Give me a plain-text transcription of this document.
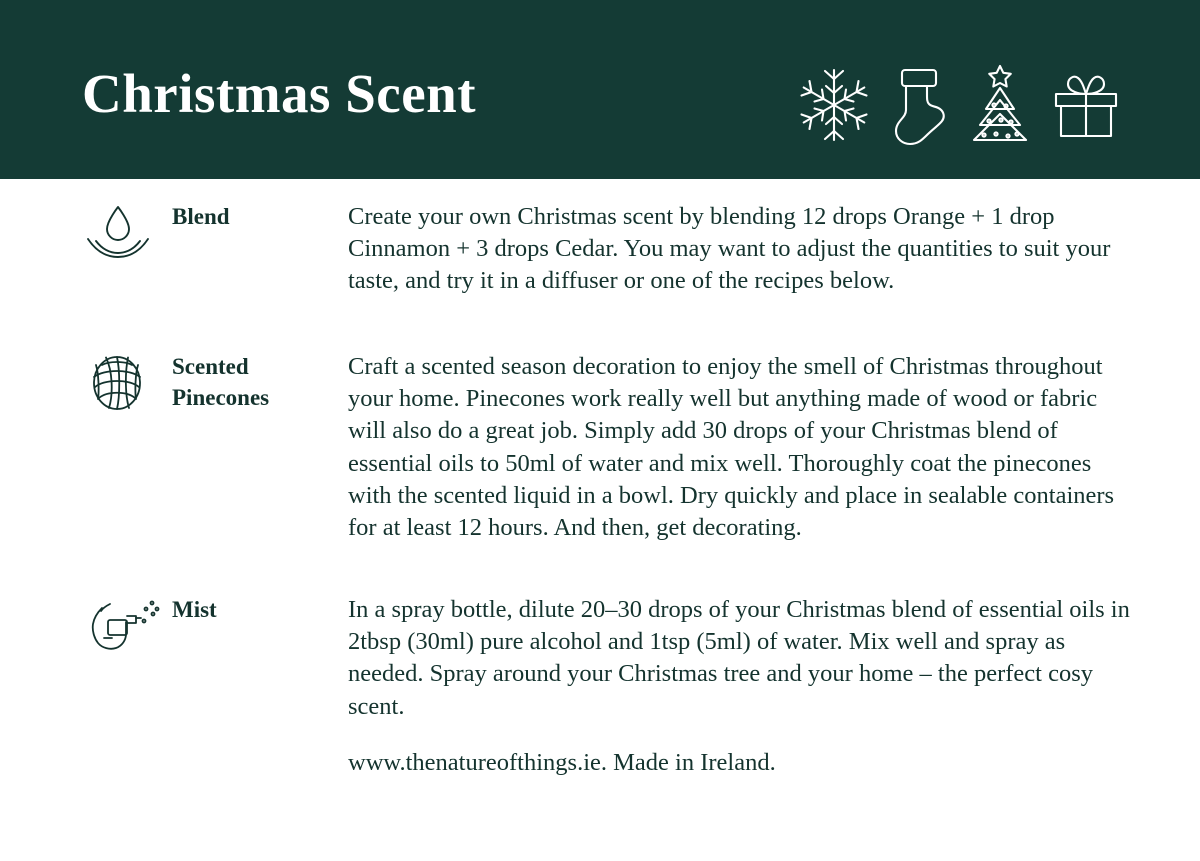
Christmas Scent
Blend	Create your own Christmas scent by blending 12 drops Orange + 1 drop Cinnamon + 3 drops Cedar. You may want to adjust the quantities to suit your taste, and try it in a diffuser or one of the recipes below.
Scented Pinecones
Craft a scented season decoration to enjoy the smell of Christmas throughout your home. Pinecones work really well but anything made of wood or fabric will also do a great job. Simply add 30 drops of your Christmas blend of essential oils to 50ml of water and mix well. Thoroughly coat the pinecones with the scented liquid in a bowl. Dry quickly and place in sealable containers for at least 12 hours. And then, get decorating.
Mist	In a spray bottle, dilute 20–30 drops of your Christmas blend of essential oils in 2tbsp (30ml) pure alcohol and 1tsp (5ml) of water. Mix well and spray as needed. Spray around your Christmas tree and your home – the perfect cosy scent.
www.thenatureofthings.ie. Made in Ireland.
